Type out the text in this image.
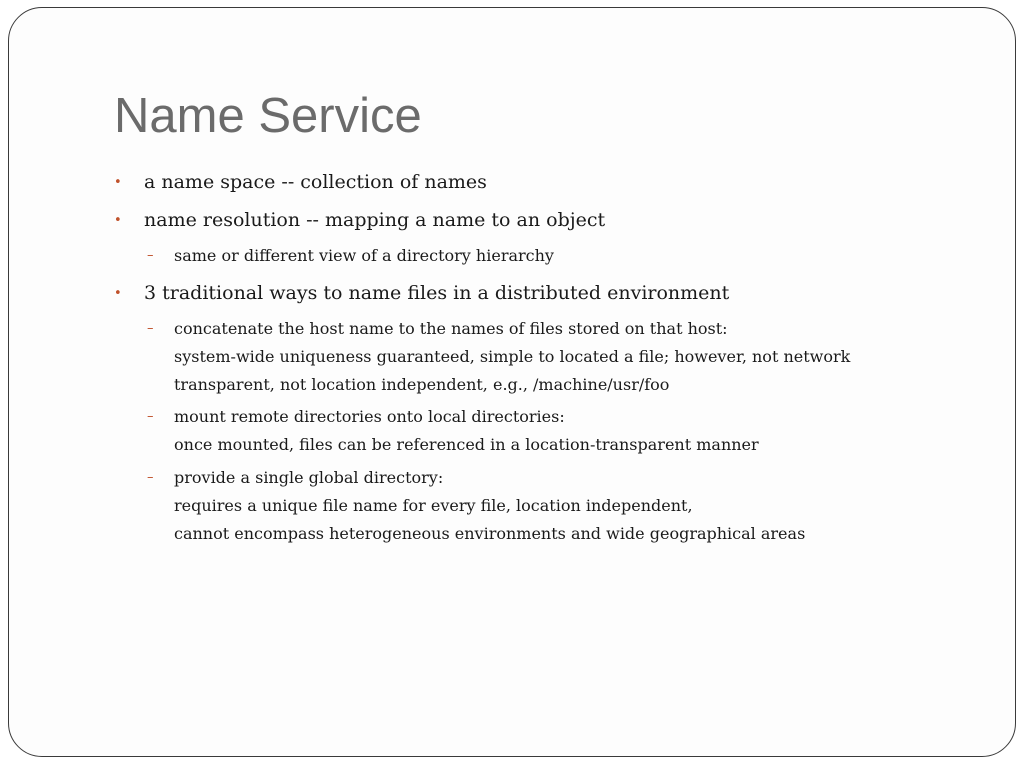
Name Service
• a name space -- collection of names
• name resolution -- mapping a name to an object
–	same or different view of a directory hierarchy
• 3 traditional ways to name files in a distributed environment
–	concatenate the host name to the names of files stored on that host:
system-wide uniqueness guaranteed, simple to located a file; however, not network
transparent, not location independent, e.g., /machine/usr/foo
–	mount remote directories onto local directories:
once mounted, files can be referenced in a location-transparent manner
–	provide a single global directory:
requires a unique file name for every file, location independent,
cannot encompass heterogeneous environments and wide geographical areas
